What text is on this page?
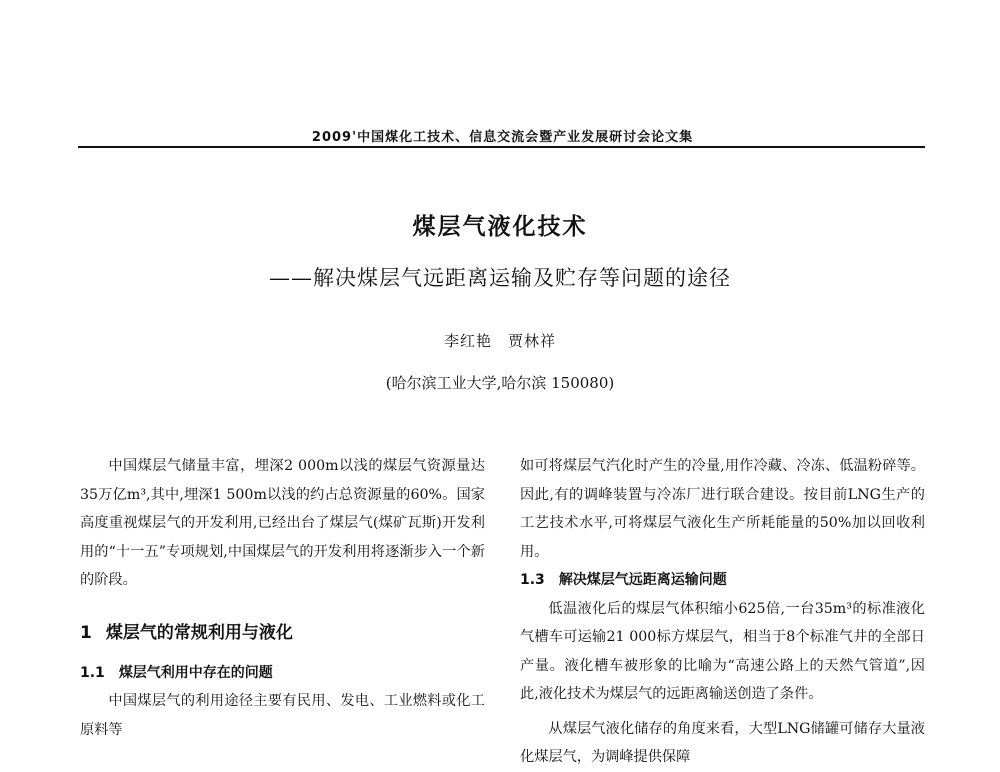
2009'中国煤化工技术、信息交流会暨产业发展研讨会论文集
煤层气液化技术
——解决煤层气远距离运输及贮存等问题的途径
李红艳　贾林祥
(哈尔滨工业大学,哈尔滨 150080)

中国煤层气储量丰富，埋深2 000m以浅的煤层气资源量达35万亿m³,其中,埋深1 500m以浅的约占总资源量的60%。国家高度重视煤层气的开发利用,已经出台了煤层气(煤矿瓦斯)开发利用的“十一五”专项规划,中国煤层气的开发利用将逐渐步入一个新的阶段。

1 煤层气的常规利用与液化
1.1 煤层气利用中存在的问题

中国煤层气的利用途径主要有民用、发电、工业燃料或化工原料等

如可将煤层气汽化时产生的冷量,用作冷藏、冷冻、低温粉碎等。因此,有的调峰装置与冷冻厂进行联合建设。按目前LNG生产的工艺技术水平,可将煤层气液化生产所耗能量的50%加以回收利用。

1.3 解决煤层气远距离运输问题

低温液化后的煤层气体积缩小625倍,一台35m³的标准液化气槽车可运输21 000标方煤层气，相当于8个标准气井的全部日产量。液化槽车被形象的比喻为“高速公路上的天然气管道”,因此,液化技术为煤层气的远距离输送创造了条件。

从煤层气液化储存的角度来看，大型LNG储罐可储存大量液化煤层气，为调峰提供保障
